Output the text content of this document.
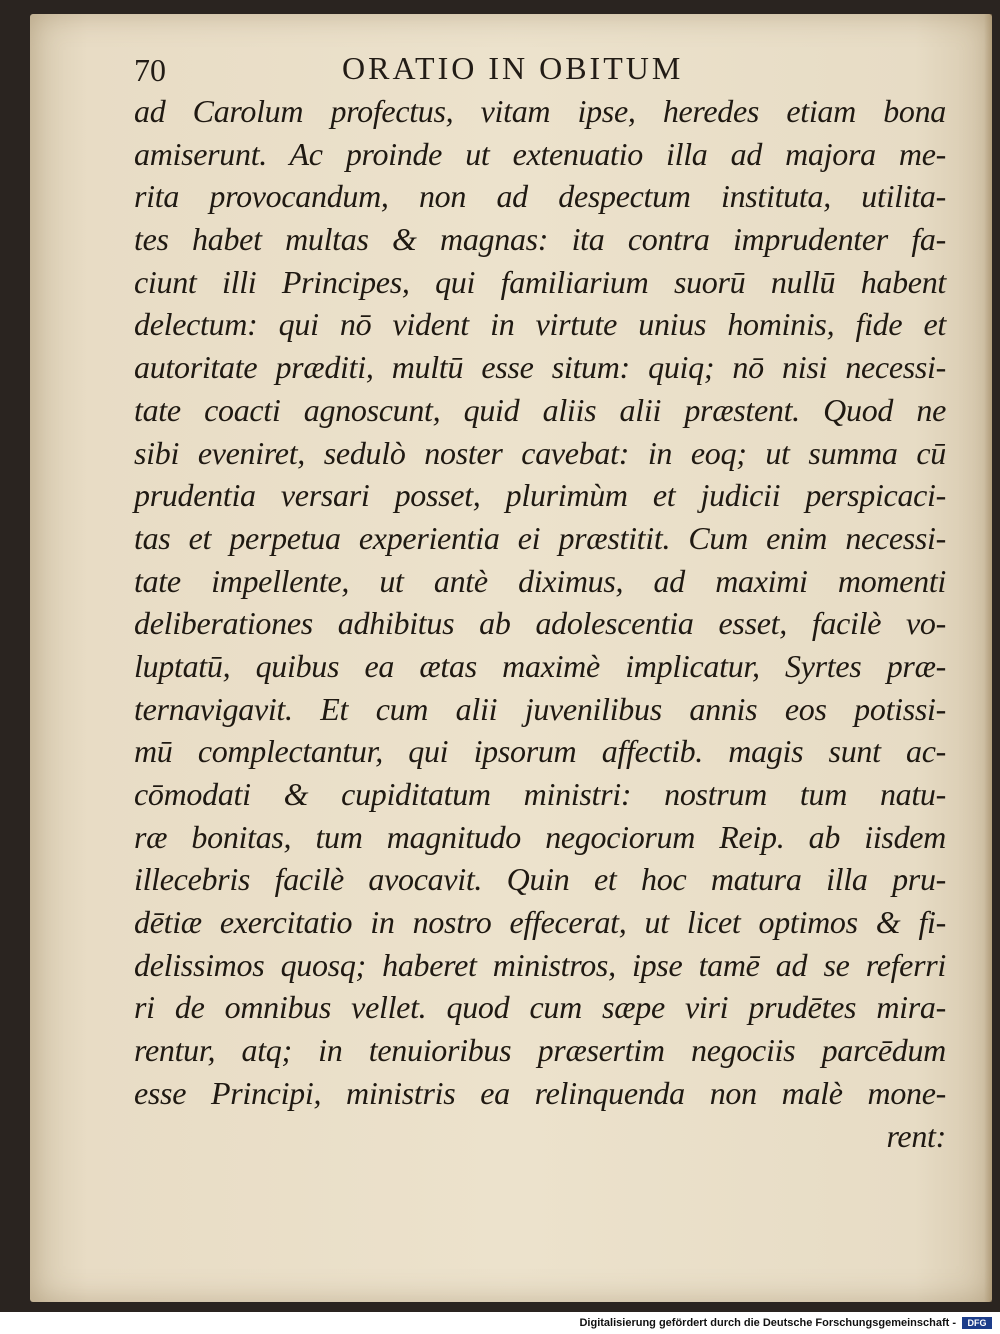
70	ORATIO IN OBITUM
ad Carolum profectus, vitam ipse, heredes etiam bona
amiserunt. Ac proinde ut extenuatio illa ad majora me-
rita provocandum, non ad despectum instituta, utilita-
tes habet multas & magnas: ita contra imprudenter fa-
ciunt illi Principes, qui familiarium suorū nullū habent
delectum: qui nō vident in virtute unius hominis, fide et
autoritate præditi, multū esse situm: quiq; nō nisi necessi-
tate coacti agnoscunt, quid aliis alii præstent. Quod ne
sibi eveniret, sedulò noster cavebat: in eoq; ut summa cū
prudentia versari posset, plurimùm et judicii perspicaci-
tas et perpetua experientia ei præstitit. Cum enim necessi-
tate impellente, ut antè diximus, ad maximi momenti
deliberationes adhibitus ab adolescentia esset, facilè vo-
luptatū, quibus ea ætas maximè implicatur, Syrtes præ-
ternavigavit. Et cum alii juvenilibus annis eos potissi-
mū complectantur, qui ipsorum affectib. magis sunt ac-
cōmodati & cupiditatum ministri: nostrum tum natu-
ræ bonitas, tum magnitudo negociorum Reip. ab iisdem
illecebris facilè avocavit. Quin et hoc matura illa pru-
dētiæ exercitatio in nostro effecerat, ut licet optimos & fi-
delissimos quosq; haberet ministros, ipse tamē ad se referri
ri de omnibus vellet. quod cum sæpe viri prudētes mira-
rentur, atq; in tenuioribus præsertim negociis parcēdum
esse Principi, ministris ea relinquenda non malè mone-
rent:
Digitalisierung gefördert durch die Deutsche Forschungsgemeinschaft -	DFG
